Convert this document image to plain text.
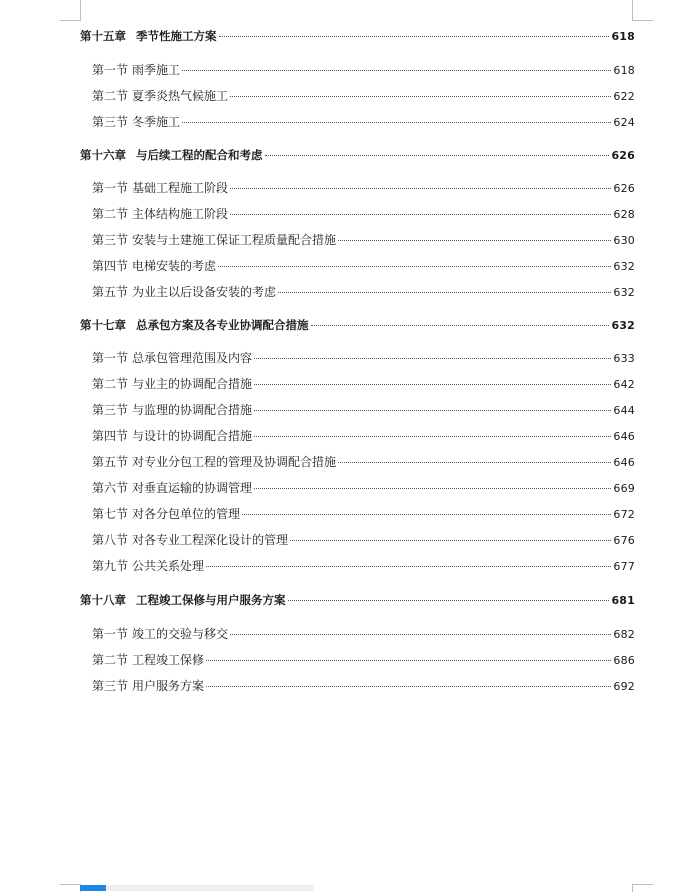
第十五章 季节性施工方案	618
第一节 雨季施工	618
第二节 夏季炎热气候施工	622
第三节 冬季施工	624
第十六章 与后续工程的配合和考虑	626
第一节 基础工程施工阶段	626
第二节 主体结构施工阶段	628
第三节 安装与土建施工保证工程质量配合措施	630
第四节 电梯安装的考虑	632
第五节 为业主以后设备安装的考虑	632
第十七章 总承包方案及各专业协调配合措施	632
第一节 总承包管理范围及内容	633
第二节 与业主的协调配合措施	642
第三节 与监理的协调配合措施	644
第四节 与设计的协调配合措施	646
第五节 对专业分包工程的管理及协调配合措施	646
第六节 对垂直运输的协调管理	669
第七节 对各分包单位的管理	672
第八节 对各专业工程深化设计的管理	676
第九节 公共关系处理	677
第十八章 工程竣工保修与用户服务方案	681
第一节 竣工的交验与移交	682
第二节 工程竣工保修	686
第三节 用户服务方案	692
